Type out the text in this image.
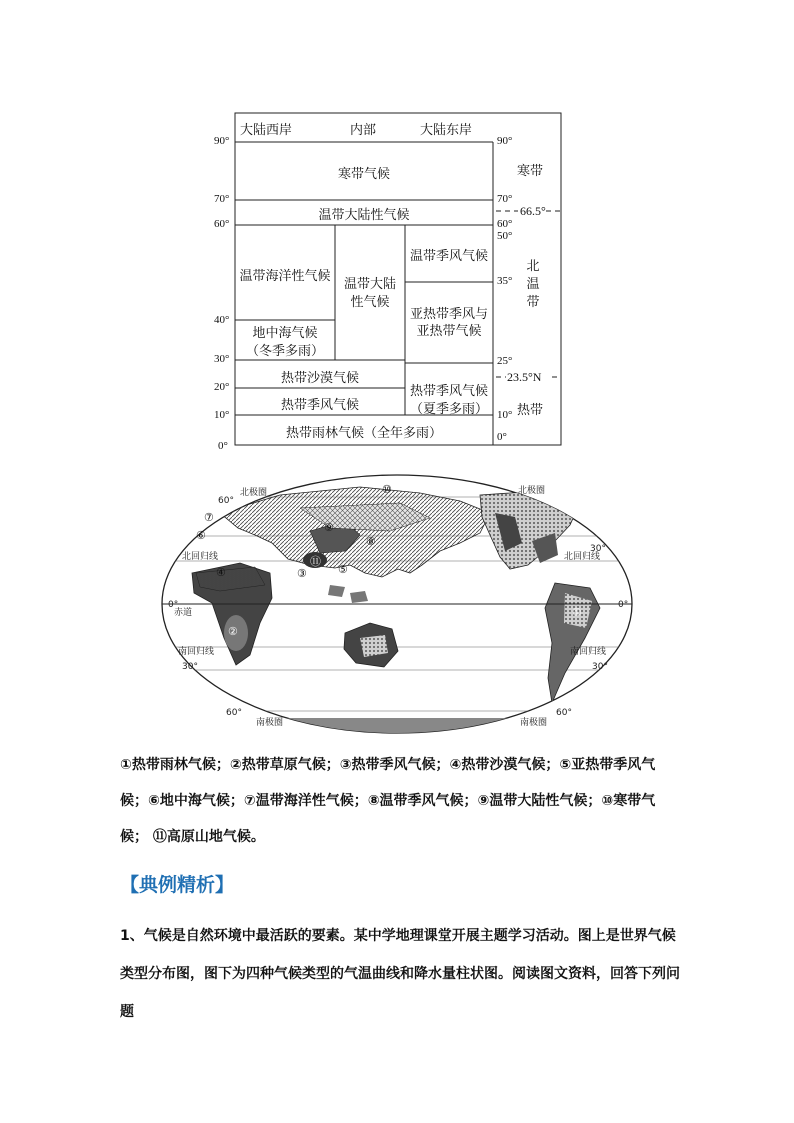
大陆西岸	内部	大陆东岸
90°
70°
60°
40°
30°
20°
10°
0°
90°
70°
60°
50°
35°
25°
10°
0°
寒带气候
温带大陆性气候
温带海洋性气候
地中海气候
（冬季多雨）
温带大陆
性气候
温带季风气候
亚热带季风与
亚热带气候
热带沙漠气候
热带季风气候
热带季风气候
（夏季多雨）
热带雨林气候（全年多雨）
寒带
66.5°
北
温
带
23.5°N
热带
⑩
⑦
⑥
④
⑨
⑧
⑪
⑤
③
②
①
北极圈	北极圈
北回归线	北回归线
赤道
南回归线	南回归线
南极圈	南极圈
60°
30°
0°	0°
30°	30°
60°	60°
①热带雨林气候；②热带草原气候；③热带季风气候；④热带沙漠气候；⑤亚热带季风气
候；⑥地中海气候；⑦温带海洋性气候；⑧温带季风气候；⑨温带大陆性气候；⑩寒带气
候； ⑪高原山地气候。
【典例精析】
1、气候是自然环境中最活跃的要素。某中学地理课堂开展主题学习活动。图上是世界气候
类型分布图，图下为四种气候类型的气温曲线和降水量柱状图。阅读图文资料，回答下列问
题
